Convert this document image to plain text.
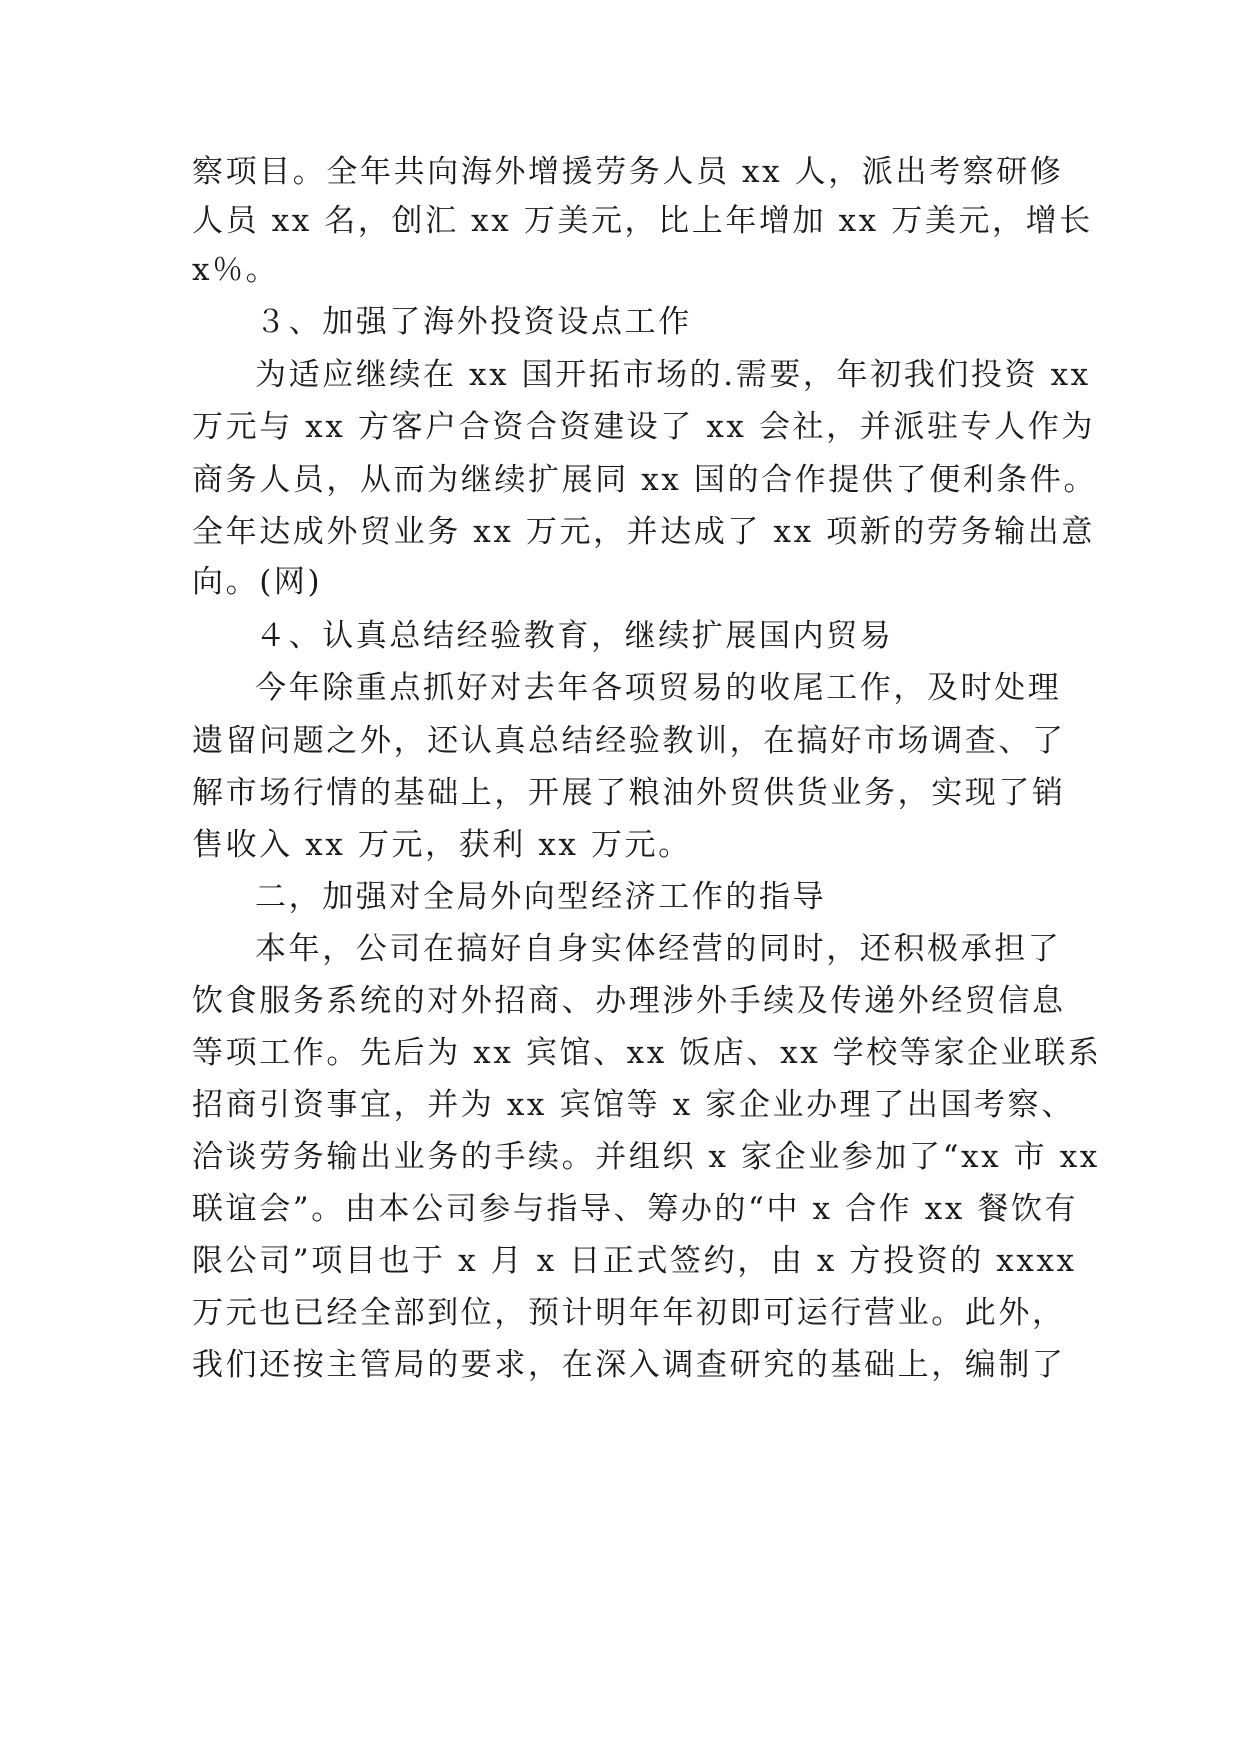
察项目。全年共向海外增援劳务人员 xx 人，派出考察研修
人员 xx 名，创汇 xx 万美元，比上年增加 xx 万美元，增长
x％。
３、加强了海外投资设点工作
为适应继续在 xx 国开拓市场的.需要，年初我们投资 xx
万元与 xx 方客户合资合资建设了 xx 会社，并派驻专人作为
商务人员，从而为继续扩展同 xx 国的合作提供了便利条件。
全年达成外贸业务 xx 万元，并达成了 xx 项新的劳务输出意
向。(网)
４、认真总结经验教育，继续扩展国内贸易
今年除重点抓好对去年各项贸易的收尾工作，及时处理
遗留问题之外，还认真总结经验教训，在搞好市场调查、了
解市场行情的基础上，开展了粮油外贸供货业务，实现了销
售收入 xx 万元，获利 xx 万元。
二，加强对全局外向型经济工作的指导
本年，公司在搞好自身实体经营的同时，还积极承担了
饮食服务系统的对外招商、办理涉外手续及传递外经贸信息
等项工作。先后为 xx 宾馆、xx 饭店、xx 学校等家企业联系
招商引资事宜，并为 xx 宾馆等 x 家企业办理了出国考察、
洽谈劳务输出业务的手续。并组织 x 家企业参加了“xx 市 xx
联谊会”。由本公司参与指导、筹办的“中 x 合作 xx 餐饮有
限公司”项目也于 x 月 x 日正式签约，由 x 方投资的 xxxx
万元也已经全部到位，预计明年年初即可运行营业。此外，
我们还按主管局的要求，在深入调查研究的基础上，编制了
